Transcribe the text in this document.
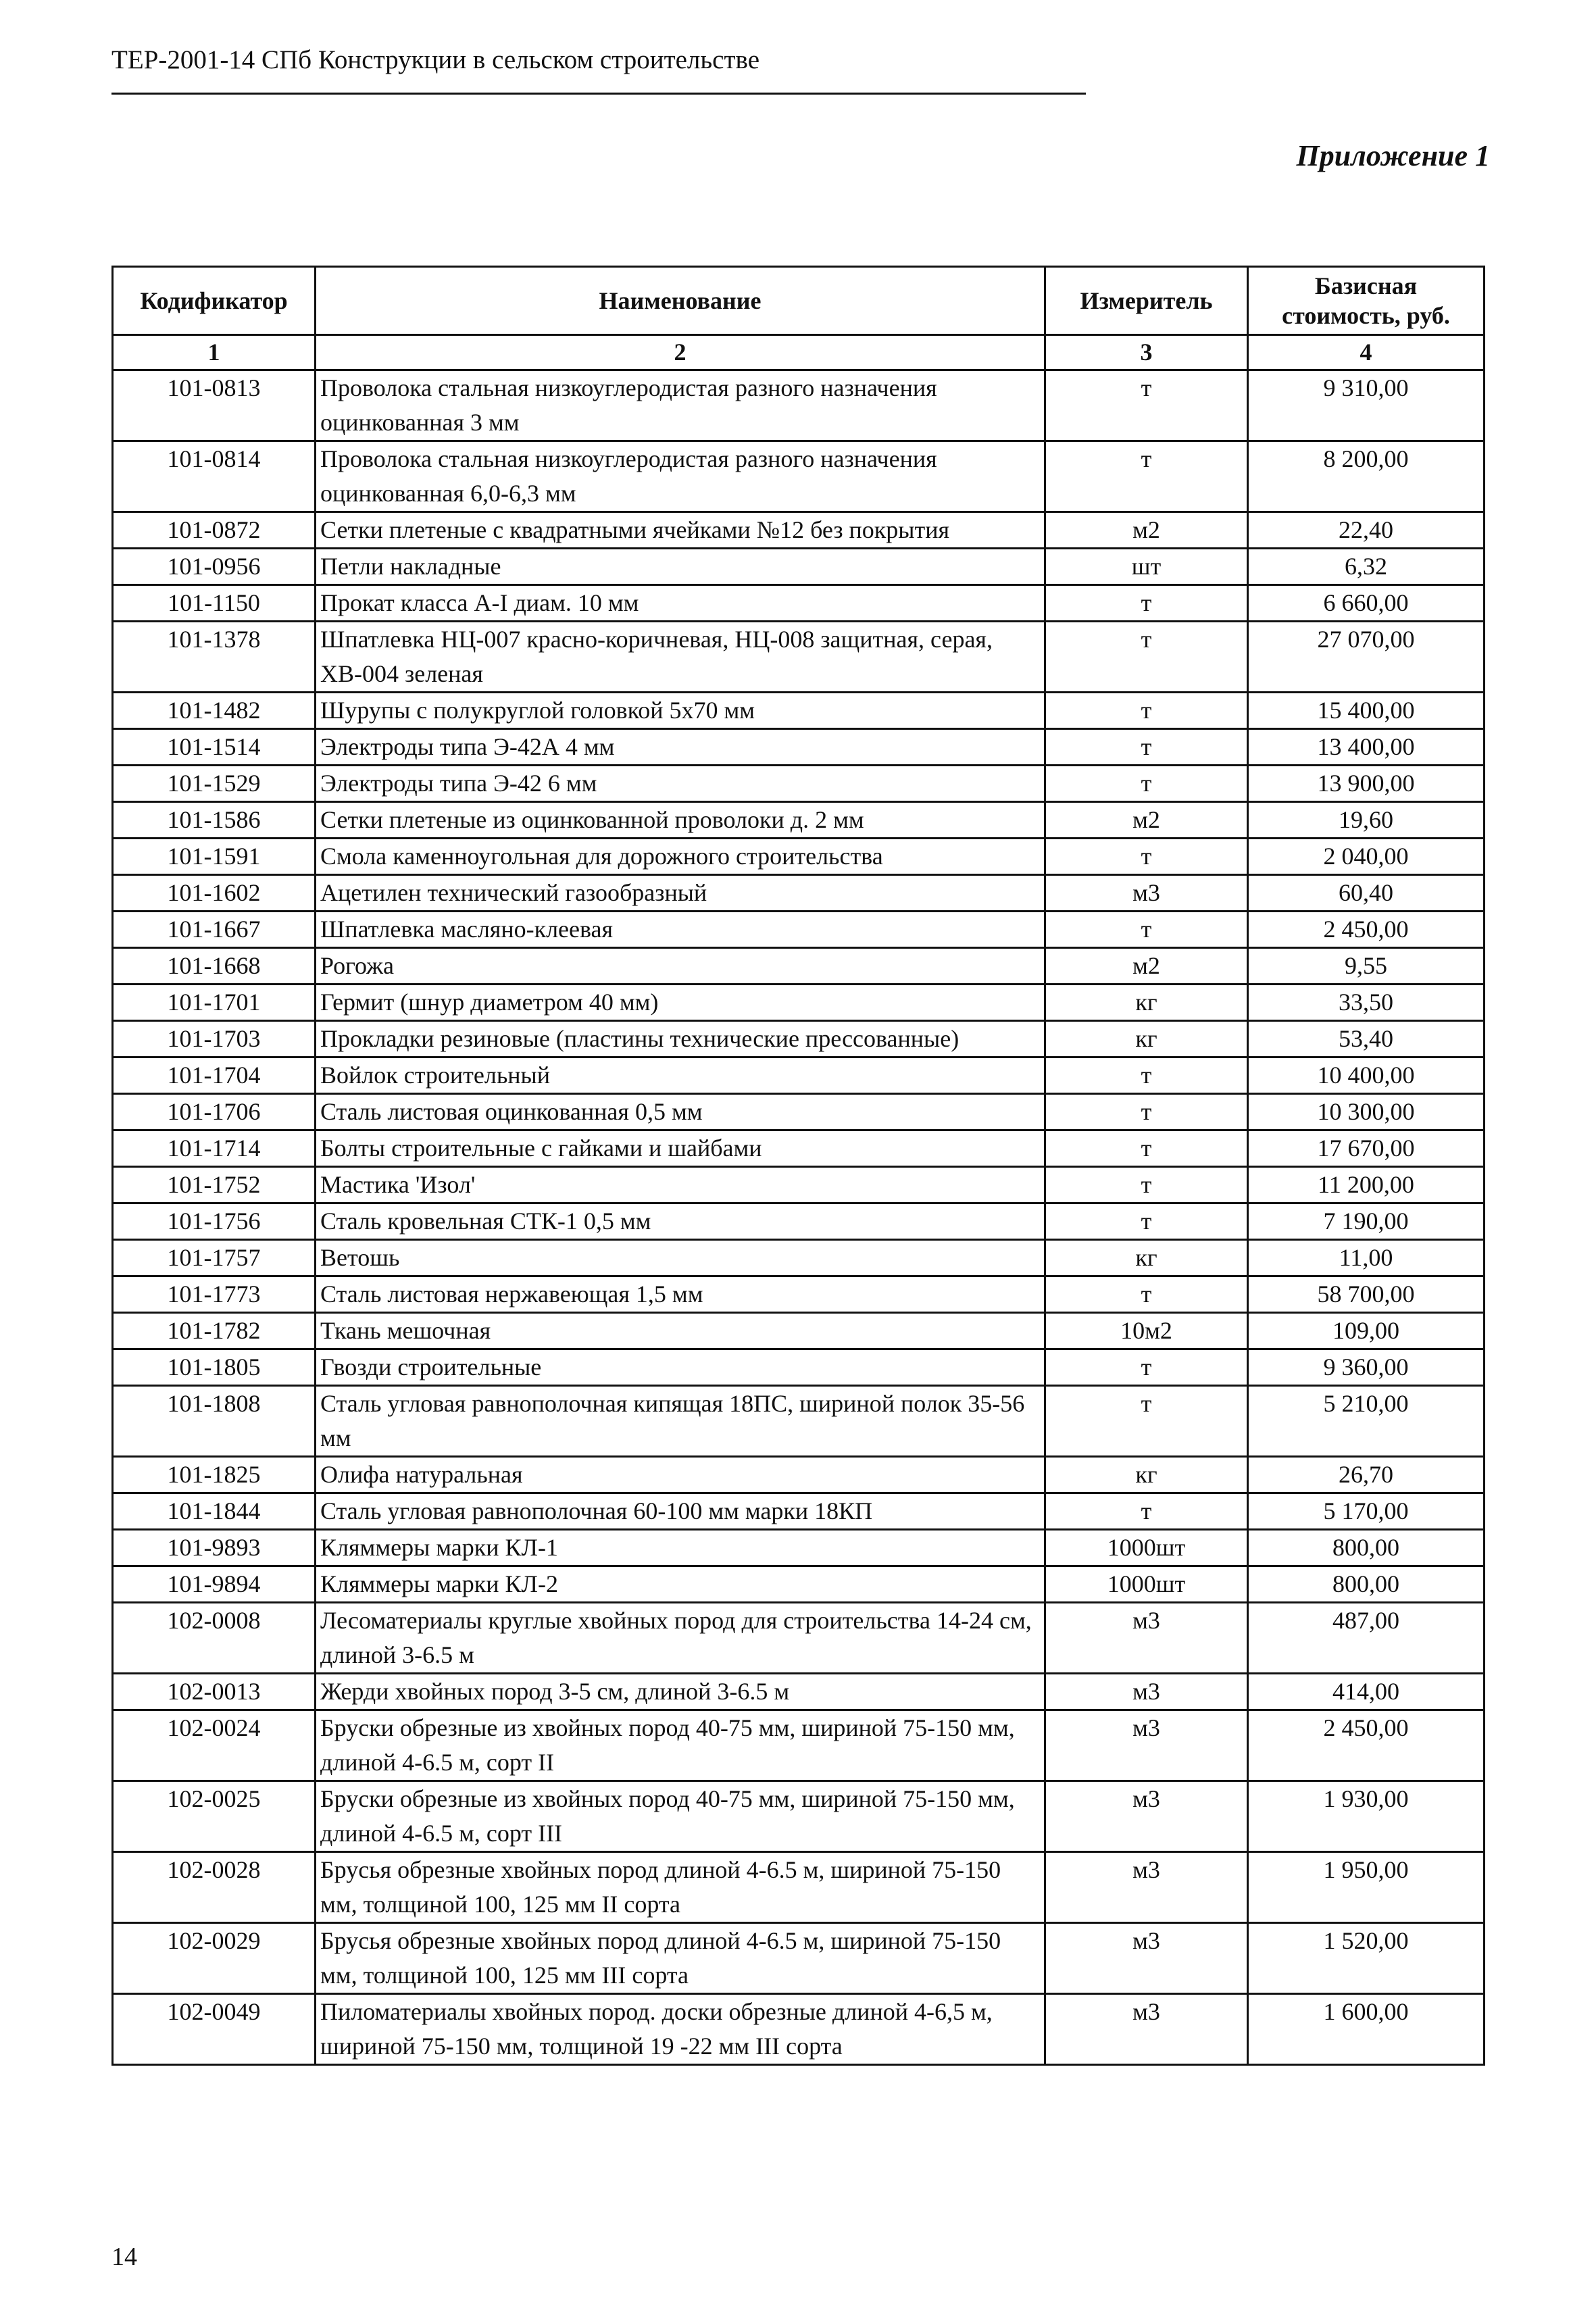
ТЕР-2001-14 СПб Конструкции в сельском строительстве
Приложение 1
Кодификатор	Наименование	Измеритель	Базисная стоимость, руб.
1	2	3	4
101-0813	Проволока стальная низкоуглеродистая разного назначения оцинкованная 3 мм	т	9 310,00
101-0814	Проволока стальная низкоуглеродистая разного назначения оцинкованная 6,0-6,3 мм	т	8 200,00
101-0872	Сетки плетеные с квадратными ячейками №12 без покрытия	м2	22,40
101-0956	Петли накладные	шт	6,32
101-1150	Прокат класса А-I диам. 10 мм	т	6 660,00
101-1378	Шпатлевка НЦ-007 красно-коричневая, НЦ-008 защитная, серая, ХВ-004 зеленая	т	27 070,00
101-1482	Шурупы с полукруглой головкой 5х70 мм	т	15 400,00
101-1514	Электроды типа Э-42А 4 мм	т	13 400,00
101-1529	Электроды типа Э-42 6 мм	т	13 900,00
101-1586	Сетки плетеные из оцинкованной проволоки д. 2 мм	м2	19,60
101-1591	Смола каменноугольная для дорожного строительства	т	2 040,00
101-1602	Ацетилен технический газообразный	м3	60,40
101-1667	Шпатлевка масляно-клеевая	т	2 450,00
101-1668	Рогожа	м2	9,55
101-1701	Гермит (шнур диаметром 40 мм)	кг	33,50
101-1703	Прокладки резиновые (пластины технические прессованные)	кг	53,40
101-1704	Войлок строительный	т	10 400,00
101-1706	Сталь листовая оцинкованная 0,5 мм	т	10 300,00
101-1714	Болты строительные с гайками и шайбами	т	17 670,00
101-1752	Мастика 'Изол'	т	11 200,00
101-1756	Сталь кровельная СТК-1 0,5 мм	т	7 190,00
101-1757	Ветошь	кг	11,00
101-1773	Сталь листовая нержавеющая 1,5 мм	т	58 700,00
101-1782	Ткань мешочная	10м2	109,00
101-1805	Гвозди строительные	т	9 360,00
101-1808	Сталь угловая равнополочная кипящая 18ПС, шириной полок 35-56 мм	т	5 210,00
101-1825	Олифа натуральная	кг	26,70
101-1844	Сталь угловая равнополочная 60-100 мм марки 18КП	т	5 170,00
101-9893	Кляммеры марки КЛ-1	1000шт	800,00
101-9894	Кляммеры марки КЛ-2	1000шт	800,00
102-0008	Лесоматериалы круглые хвойных пород для строительства 14-24 см, длиной 3-6.5 м	м3	487,00
102-0013	Жерди хвойных пород 3-5 см, длиной 3-6.5 м	м3	414,00
102-0024	Бруски обрезные из хвойных пород 40-75 мм, шириной 75-150 мм, длиной 4-6.5 м, сорт II	м3	2 450,00
102-0025	Бруски обрезные из хвойных пород 40-75 мм, шириной 75-150 мм, длиной 4-6.5 м, сорт III	м3	1 930,00
102-0028	Брусья обрезные хвойных пород длиной 4-6.5 м, шириной 75-150 мм, толщиной 100, 125 мм II сорта	м3	1 950,00
102-0029	Брусья обрезные хвойных пород длиной 4-6.5 м, шириной 75-150 мм, толщиной 100, 125 мм III сорта	м3	1 520,00
102-0049	Пиломатериалы хвойных пород. доски обрезные длиной 4-6,5 м, шириной 75-150 мм, толщиной 19 -22 мм III сорта	м3	1 600,00
14
